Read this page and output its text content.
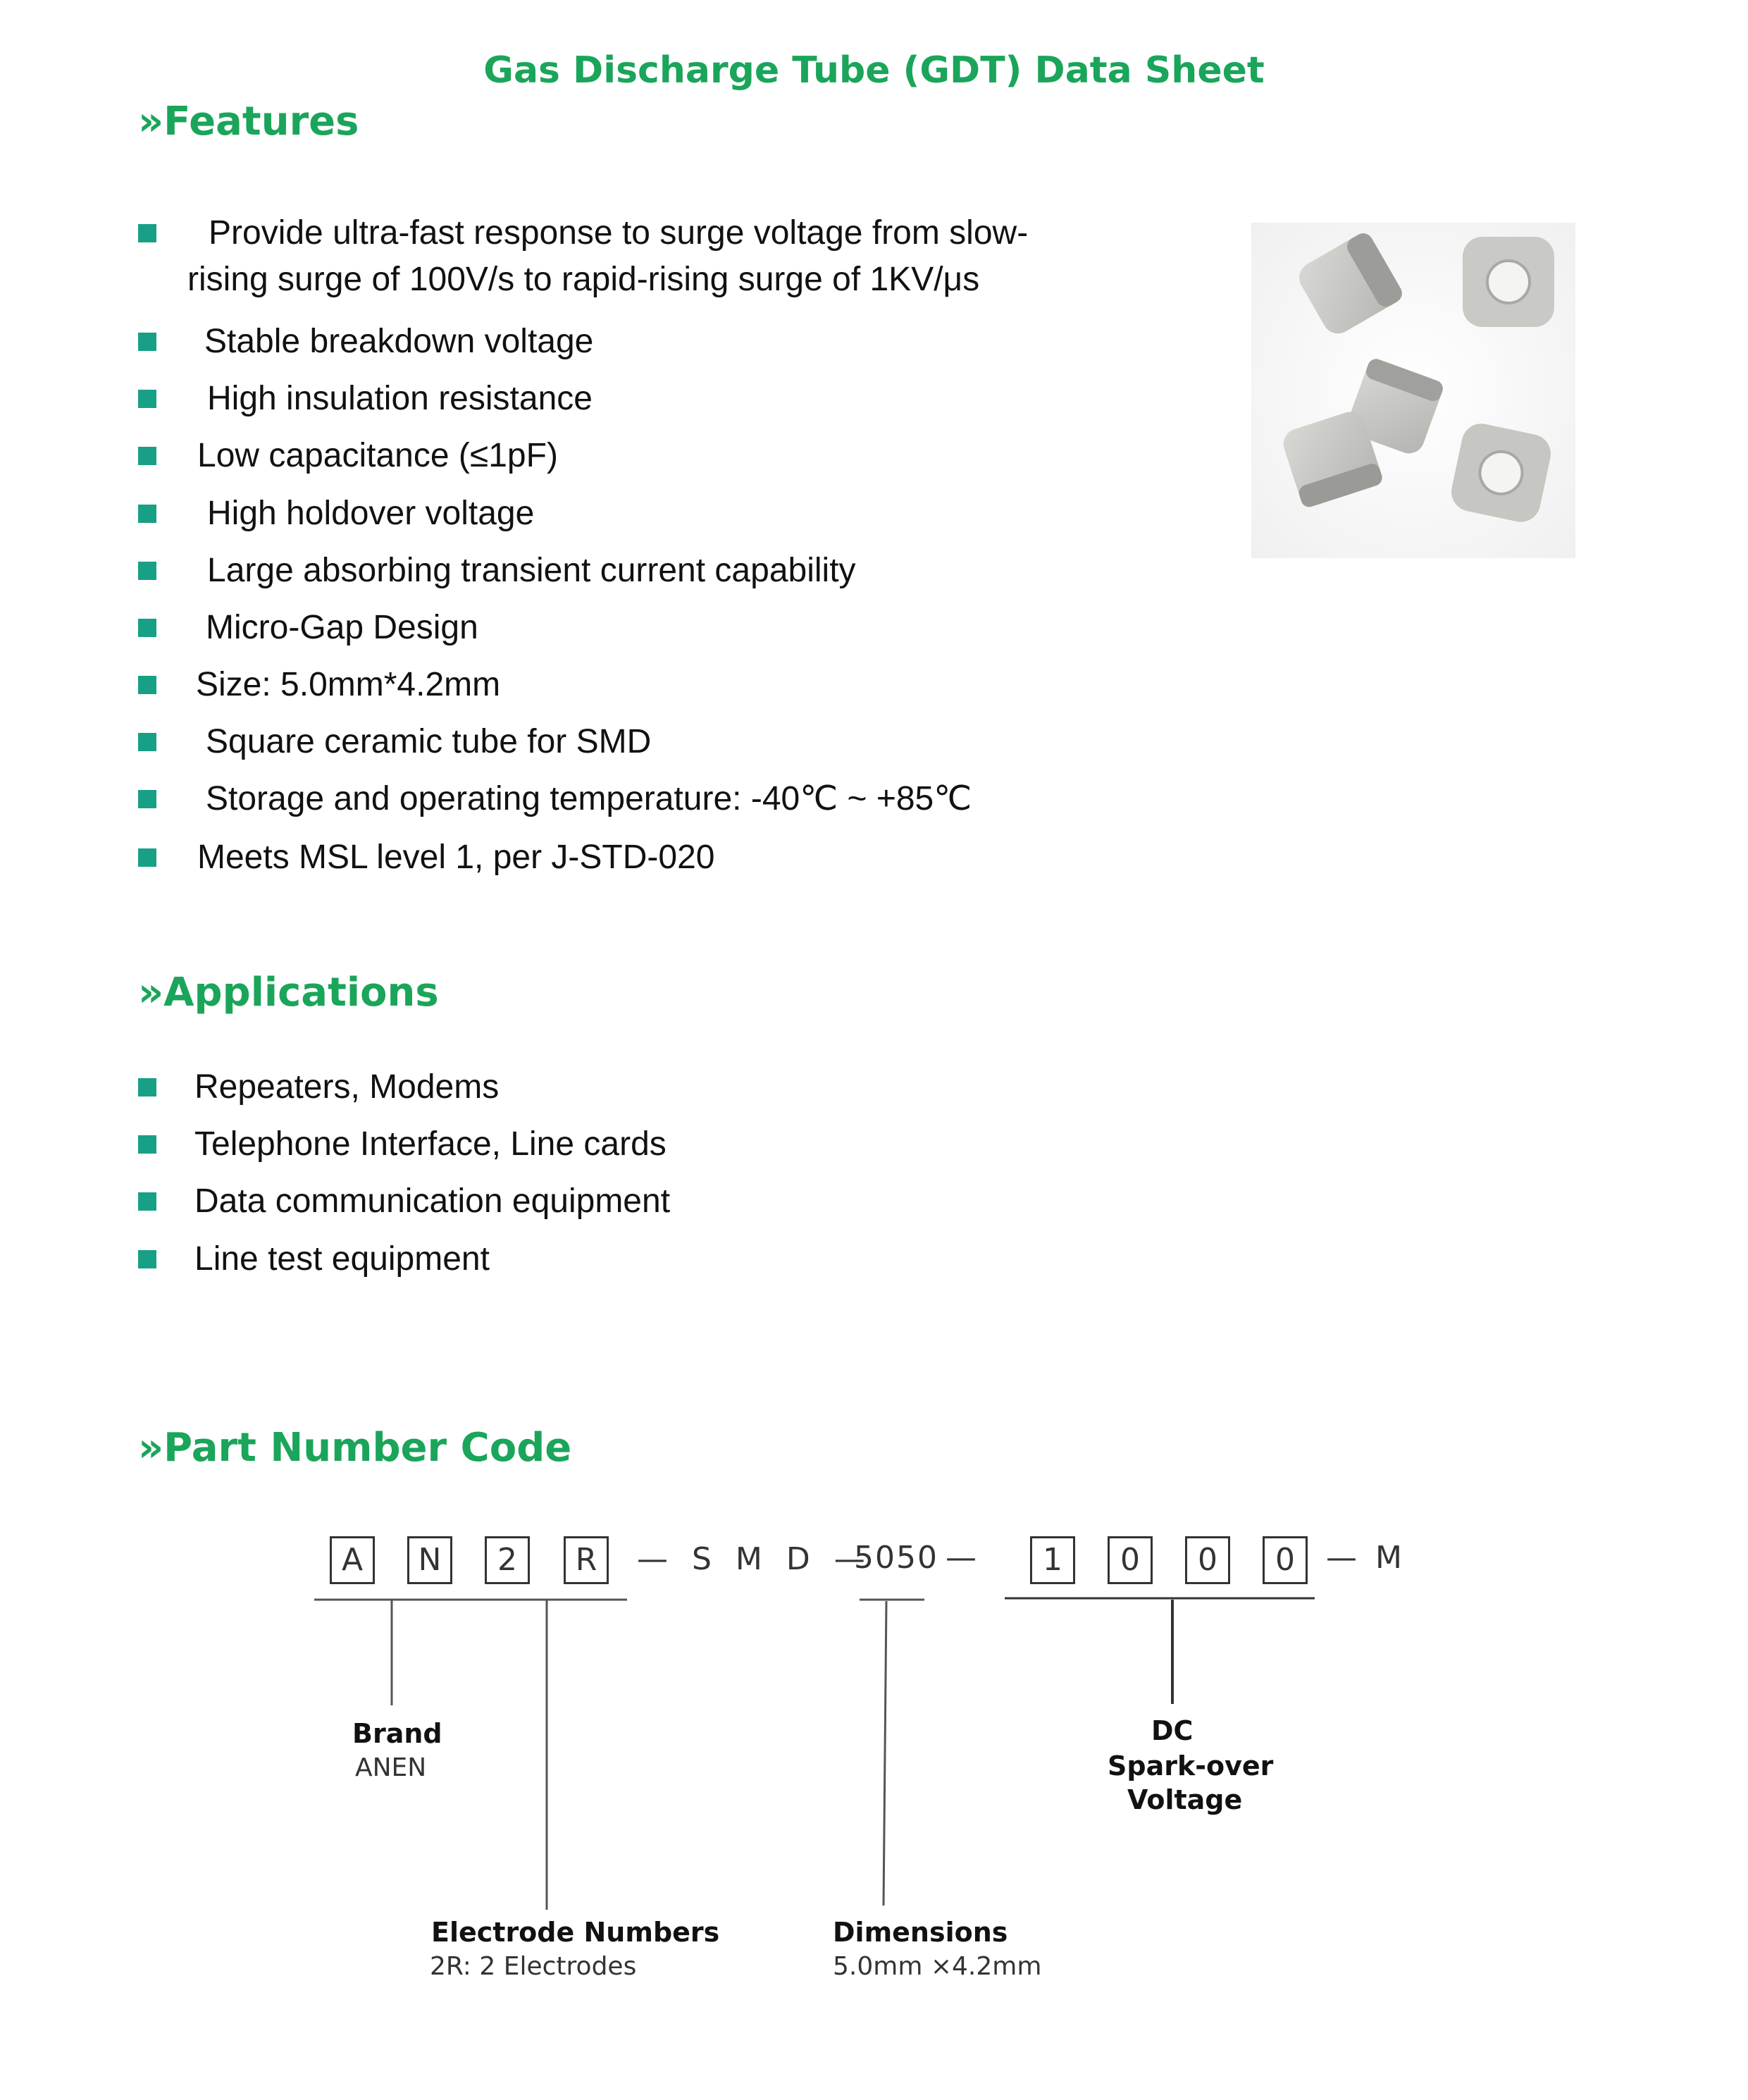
Gas Discharge Tube (GDT) Data Sheet
»Features
Provide ultra-fast response to surge voltage from slow-
rising surge of 100V/s to rapid-rising surge of 1KV/μs
Stable breakdown voltage
High insulation resistance
Low capacitance (≤1pF)
High holdover voltage
Large absorbing transient current capability
Micro-Gap Design
Size: 5.0mm*4.2mm
Square ceramic tube for SMD
Storage and operating temperature: -40℃ ~ +85℃
Meets MSL level 1, per J-STD-020
»Applications
Repeaters, Modems
Telephone Interface, Line cards
Data communication equipment
Line test equipment
»Part Number Code
A	N	2	R	— S M D —
5050 —	1	0	0	0	— M
Brand
ANEN
Electrode Numbers
2R: 2 Electrodes
Dimensions
5.0mm ×4.2mm
DC
Spark-over
Voltage
